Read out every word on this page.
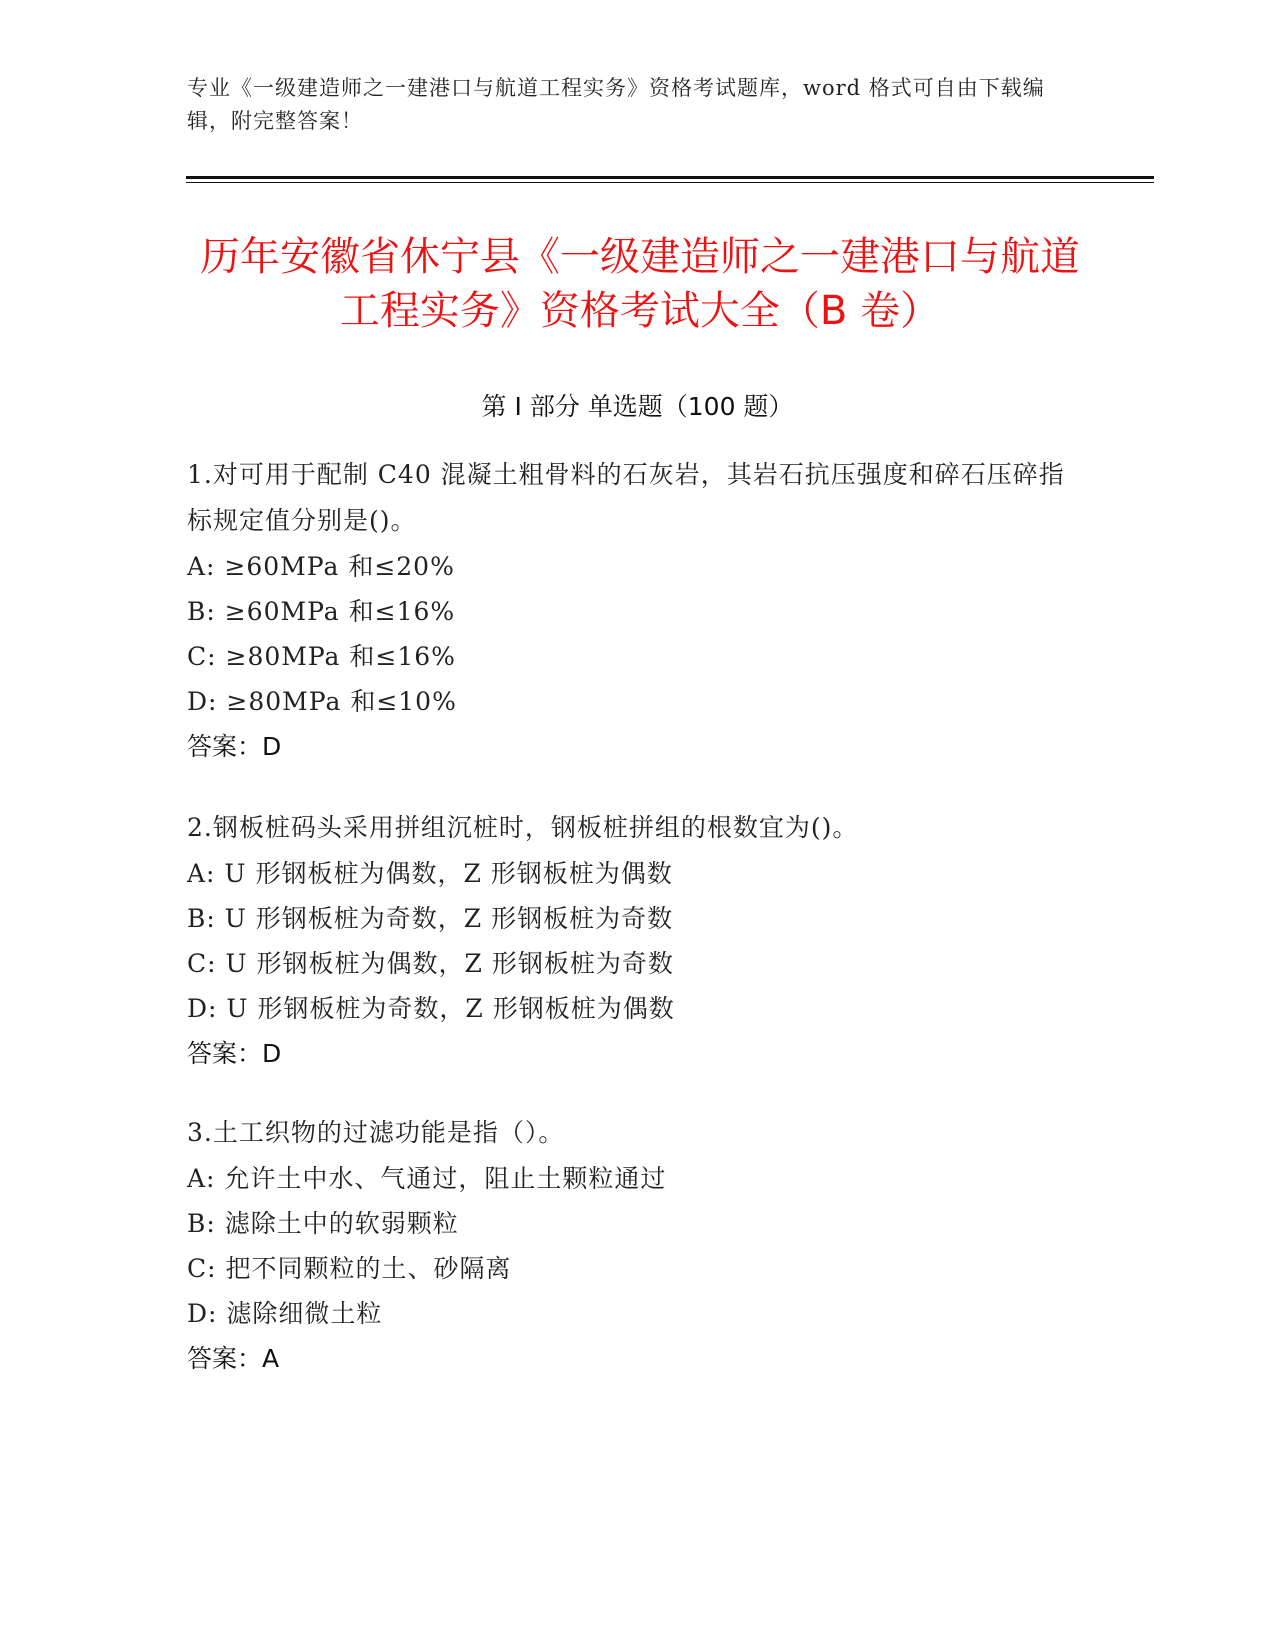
专业《一级建造师之一建港口与航道工程实务》资格考试题库，word 格式可自由下载编辑，附完整答案！
历年安徽省休宁县《一级建造师之一建港口与航道工程实务》资格考试大全（B 卷）
第 I 部分 单选题（100 题）
1.对可用于配制 C40 混凝土粗骨料的石灰岩，其岩石抗压强度和碎石压碎指标规定值分别是()。
A: ≥60MPa 和≤20%
B: ≥60MPa 和≤16%
C: ≥80MPa 和≤16%
D: ≥80MPa 和≤10%
答案：D
2.钢板桩码头采用拼组沉桩时，钢板桩拼组的根数宜为()。
A: U 形钢板桩为偶数，Z 形钢板桩为偶数
B: U 形钢板桩为奇数，Z 形钢板桩为奇数
C: U 形钢板桩为偶数，Z 形钢板桩为奇数
D: U 形钢板桩为奇数，Z 形钢板桩为偶数
答案：D
3.土工织物的过滤功能是指（）。
A: 允许土中水、气通过，阻止土颗粒通过
B: 滤除土中的软弱颗粒
C: 把不同颗粒的土、砂隔离
D: 滤除细微土粒
答案：A
